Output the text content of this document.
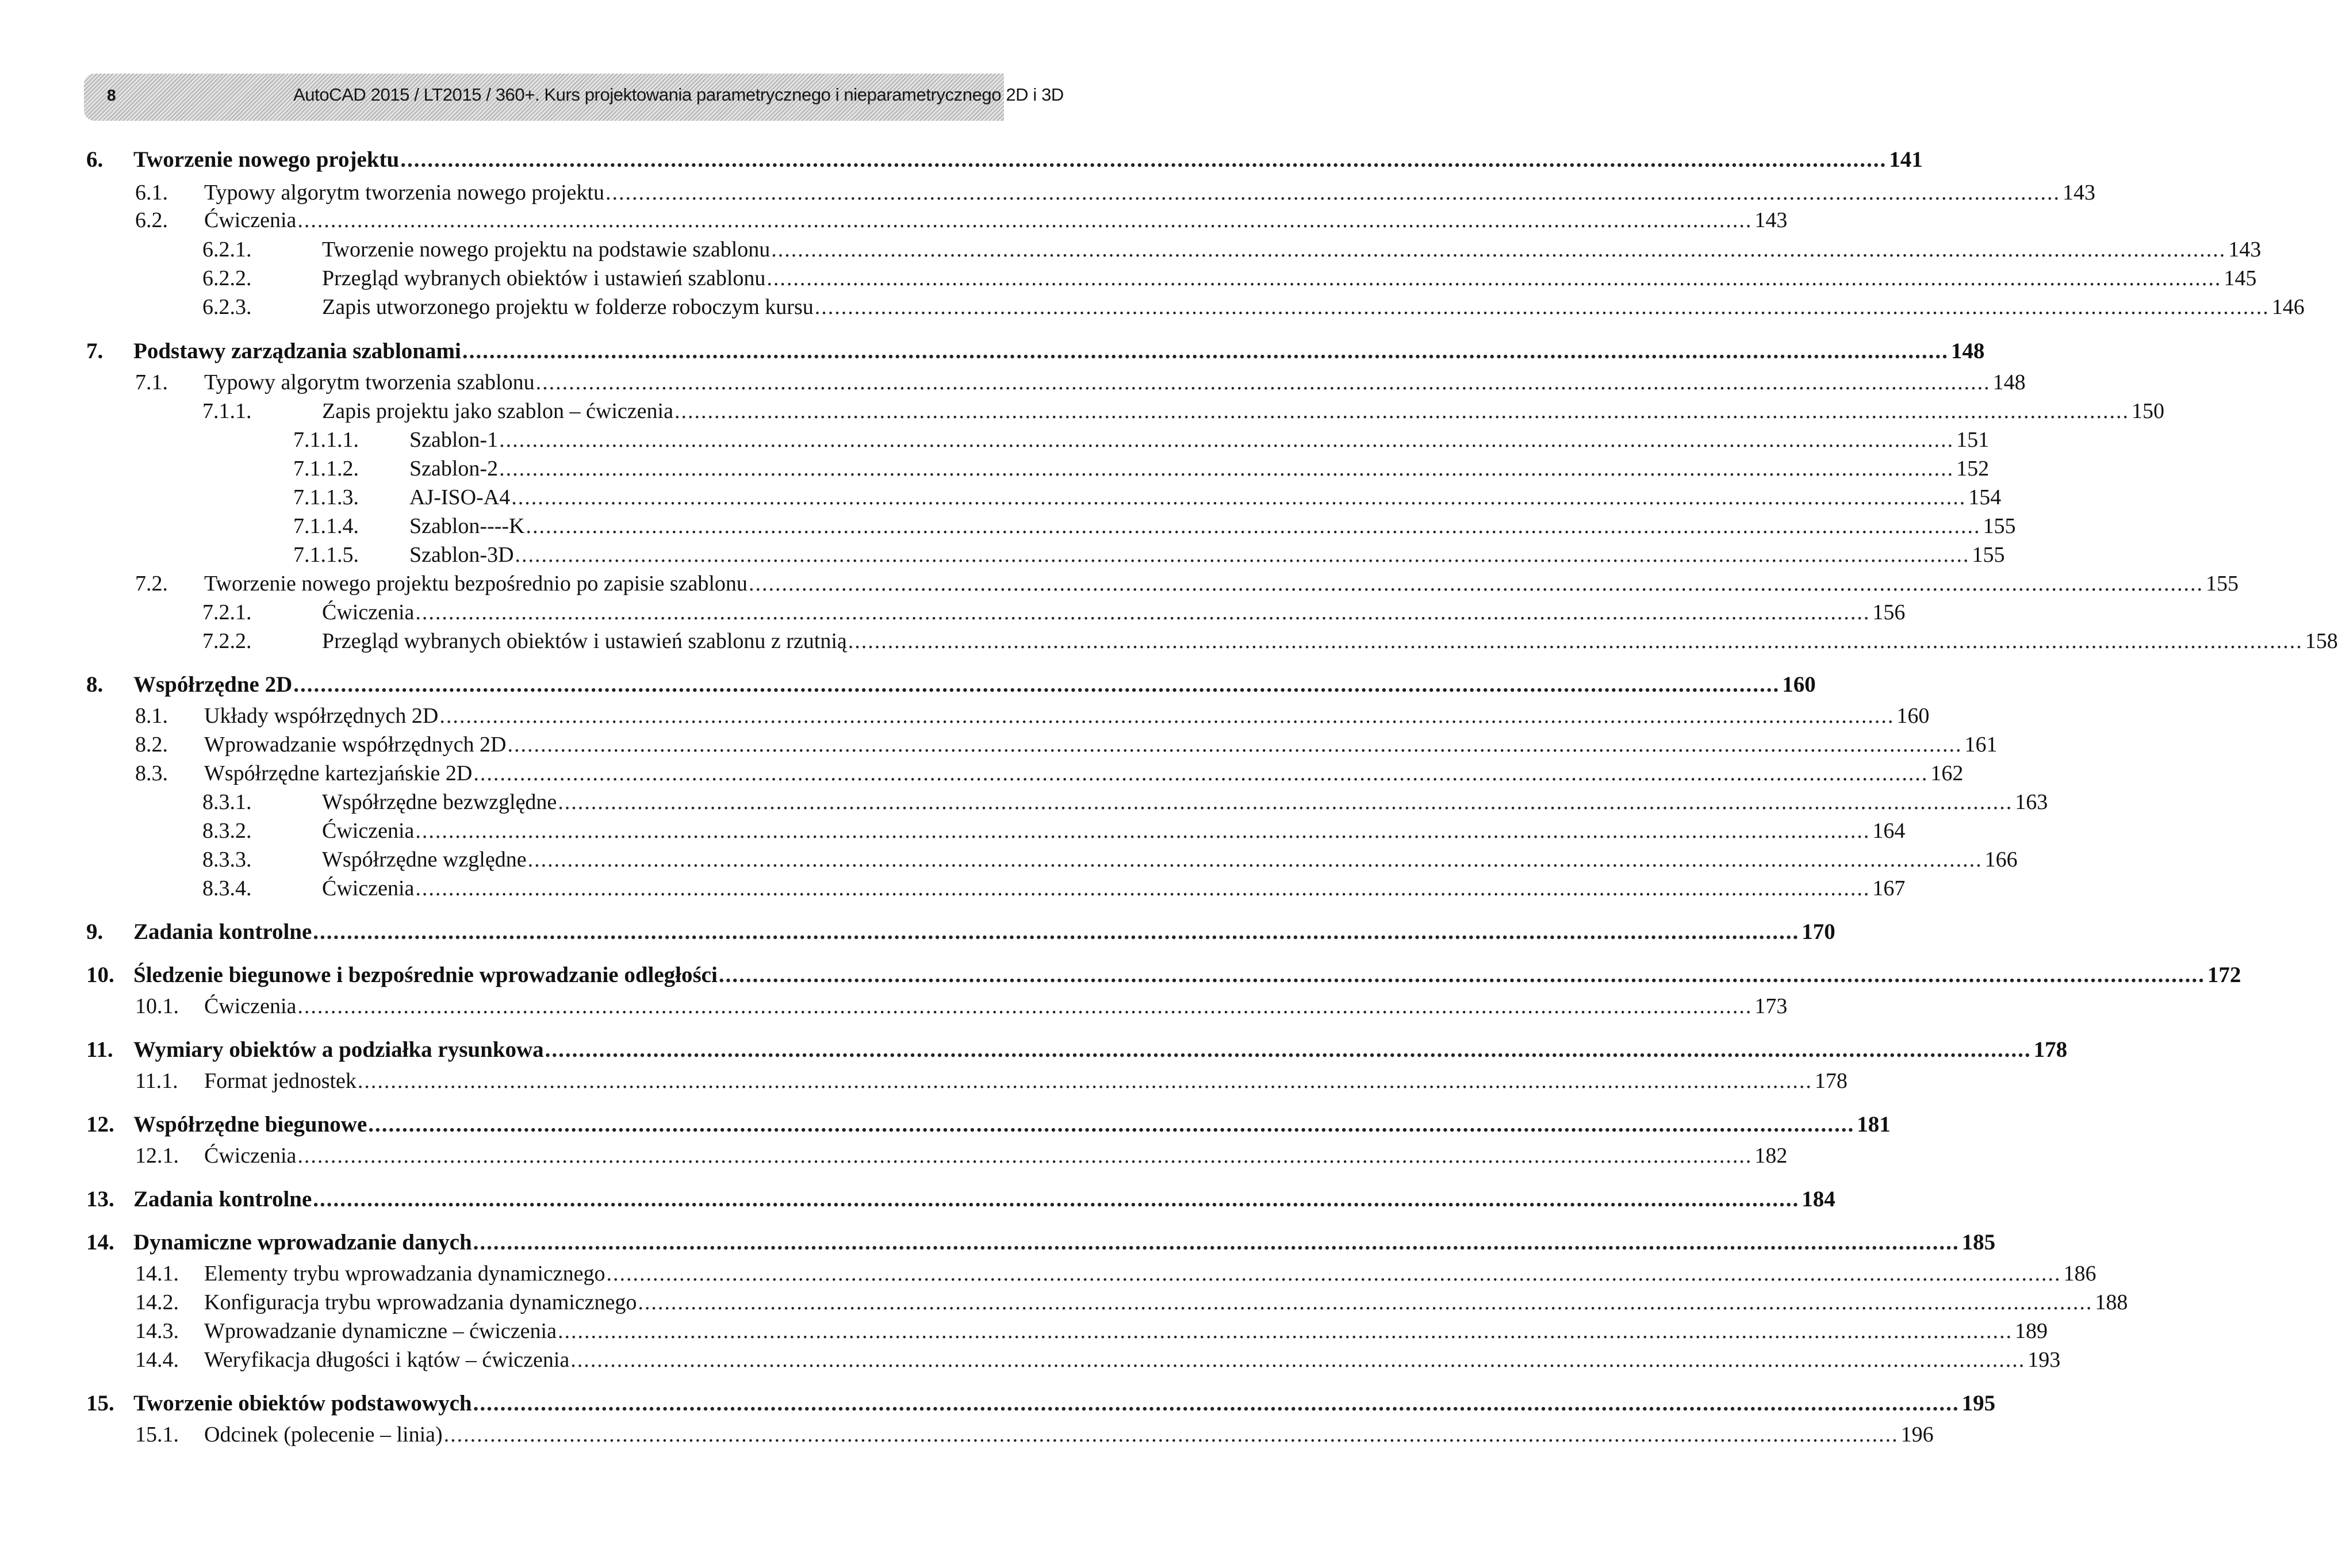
8	AutoCAD 2015 / LT2015 / 360+. Kurs projektowania parametrycznego i nieparametrycznego 2D i 3D
6.	Tworzenie nowego projektu ............................................................................................................................................................................................................................ 141
6.1.	Typowy algorytm tworzenia nowego projektu ............................................................................................................................................................................................................................ 143
6.2.	Ćwiczenia ............................................................................................................................................................................................................................ 143
6.2.1.	Tworzenie nowego projektu na podstawie szablonu ............................................................................................................................................................................................................................ 143
6.2.2.	Przegląd wybranych obiektów i ustawień szablonu ............................................................................................................................................................................................................................ 145
6.2.3.	Zapis utworzonego projektu w folderze roboczym kursu ............................................................................................................................................................................................................................ 146
7.	Podstawy zarządzania szablonami ............................................................................................................................................................................................................................ 148
7.1.	Typowy algorytm tworzenia szablonu ............................................................................................................................................................................................................................ 148
7.1.1.	Zapis projektu jako szablon – ćwiczenia ............................................................................................................................................................................................................................ 150
7.1.1.1.	Szablon-1 ............................................................................................................................................................................................................................ 151
7.1.1.2.	Szablon-2 ............................................................................................................................................................................................................................ 152
7.1.1.3.	AJ-ISO-A4 ............................................................................................................................................................................................................................ 154
7.1.1.4.	Szablon----K ............................................................................................................................................................................................................................ 155
7.1.1.5.	Szablon-3D ............................................................................................................................................................................................................................ 155
7.2.	Tworzenie nowego projektu bezpośrednio po zapisie szablonu ............................................................................................................................................................................................................................ 155
7.2.1.	Ćwiczenia ............................................................................................................................................................................................................................ 156
7.2.2.	Przegląd wybranych obiektów i ustawień szablonu z rzutnią ............................................................................................................................................................................................................................ 158
8.	Współrzędne 2D ............................................................................................................................................................................................................................ 160
8.1.	Układy współrzędnych 2D ............................................................................................................................................................................................................................ 160
8.2.	Wprowadzanie współrzędnych 2D ............................................................................................................................................................................................................................ 161
8.3.	Współrzędne kartezjańskie 2D ............................................................................................................................................................................................................................ 162
8.3.1.	Współrzędne bezwzględne ............................................................................................................................................................................................................................ 163
8.3.2.	Ćwiczenia ............................................................................................................................................................................................................................ 164
8.3.3.	Współrzędne względne ............................................................................................................................................................................................................................ 166
8.3.4.	Ćwiczenia ............................................................................................................................................................................................................................ 167
9.	Zadania kontrolne ............................................................................................................................................................................................................................ 170
10. Śledzenie biegunowe i bezpośrednie wprowadzanie odległości ............................................................................................................................................................................................................................ 172
10.1.	Ćwiczenia ............................................................................................................................................................................................................................ 173
11. Wymiary obiektów a podziałka rysunkowa ............................................................................................................................................................................................................................ 178
11.1.	Format jednostek ............................................................................................................................................................................................................................ 178
12. Współrzędne biegunowe ............................................................................................................................................................................................................................ 181
12.1.	Ćwiczenia ............................................................................................................................................................................................................................ 182
13. Zadania kontrolne ............................................................................................................................................................................................................................ 184
14. Dynamiczne wprowadzanie danych ............................................................................................................................................................................................................................ 185
14.1.	Elementy trybu wprowadzania dynamicznego ............................................................................................................................................................................................................................ 186
14.2.	Konfiguracja trybu wprowadzania dynamicznego ............................................................................................................................................................................................................................ 188
14.3.	Wprowadzanie dynamiczne – ćwiczenia ............................................................................................................................................................................................................................ 189
14.4.	Weryfikacja długości i kątów – ćwiczenia ............................................................................................................................................................................................................................ 193
15. Tworzenie obiektów podstawowych ............................................................................................................................................................................................................................ 195
15.1.	Odcinek (polecenie – linia) ............................................................................................................................................................................................................................ 196
